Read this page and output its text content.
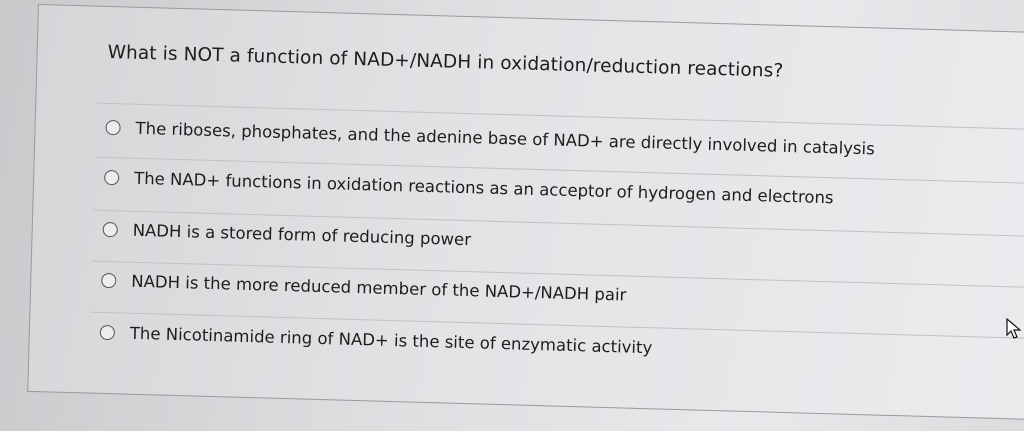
What is NOT a function of NAD+/NADH in oxidation/reduction reactions?
The riboses, phosphates, and the adenine base of NAD+ are directly involved in catalysis
The NAD+ functions in oxidation reactions as an acceptor of hydrogen and electrons
NADH is a stored form of reducing power
NADH is the more reduced member of the NAD+/NADH pair
The Nicotinamide ring of NAD+ is the site of enzymatic activity
